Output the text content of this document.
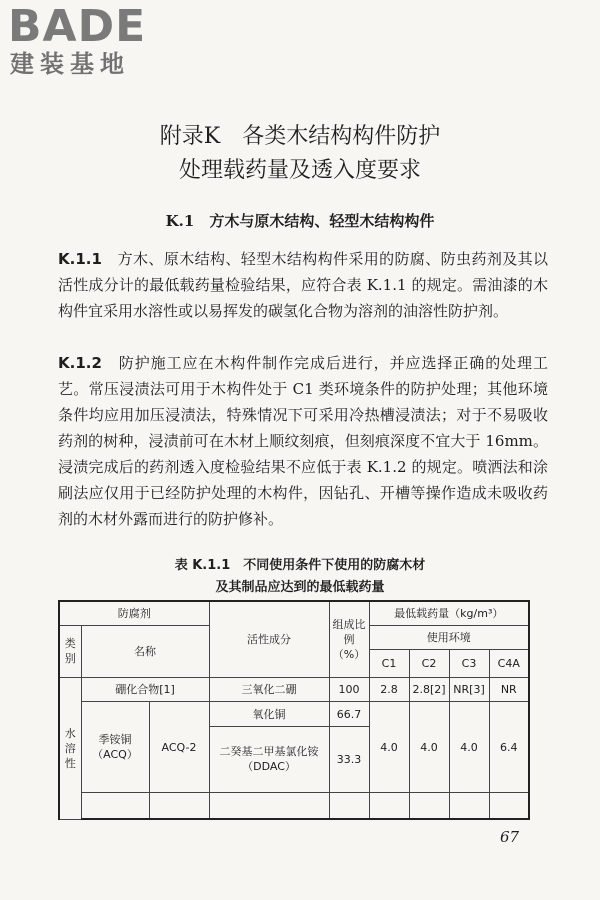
BADE
建装基地
附录K　各类木结构构件防护
处理载药量及透入度要求
K.1　方木与原木结构、轻型木结构构件

K.1.1　 方木、原木结构、轻型木结构构件采用的防腐、防虫药剂及其以活性成分计的最低载药量检验结果，应符合表 K.1.1 的规定。需油漆的木构件宜采用水溶性或以易挥发的碳氢化合物为溶剂的油溶性防护剂。

K.1.2　 防护施工应在木构件制作完成后进行，并应选择正确的处理工艺。常压浸渍法可用于木构件处于 C1 类环境条件的防护处理；其他环境条件均应用加压浸渍法，特殊情况下可采用冷热槽浸渍法；对于不易吸收药剂的树种，浸渍前可在木材上顺纹刻痕，但刻痕深度不宜大于 16mm。浸渍完成后的药剂透入度检验结果不应低于表 K.1.2 的规定。喷洒法和涂刷法应仅用于已经防护处理的木构件，因钻孔、开槽等操作造成未吸收药剂的木材外露而进行的防护修补。

表 K.1.1　不同使用条件下使用的防腐木材
及其制品应达到的最低载药量
防腐剂			活性成分	组成比例（%）	最低载药量（kg/m³）			
类别	名称				使用环境			
					C1	C2	C3	C4A
水
溶
性	硼化合物[1]		三氧化二硼	100	2.8	2.8[2]	NR[3]	NR
	季铵铜（ACQ）	ACQ-2	氧化铜	66.7	4.0	4.0	4.0	6.4
			二癸基二甲基氯化铵（DDAC）	33.3				

67
